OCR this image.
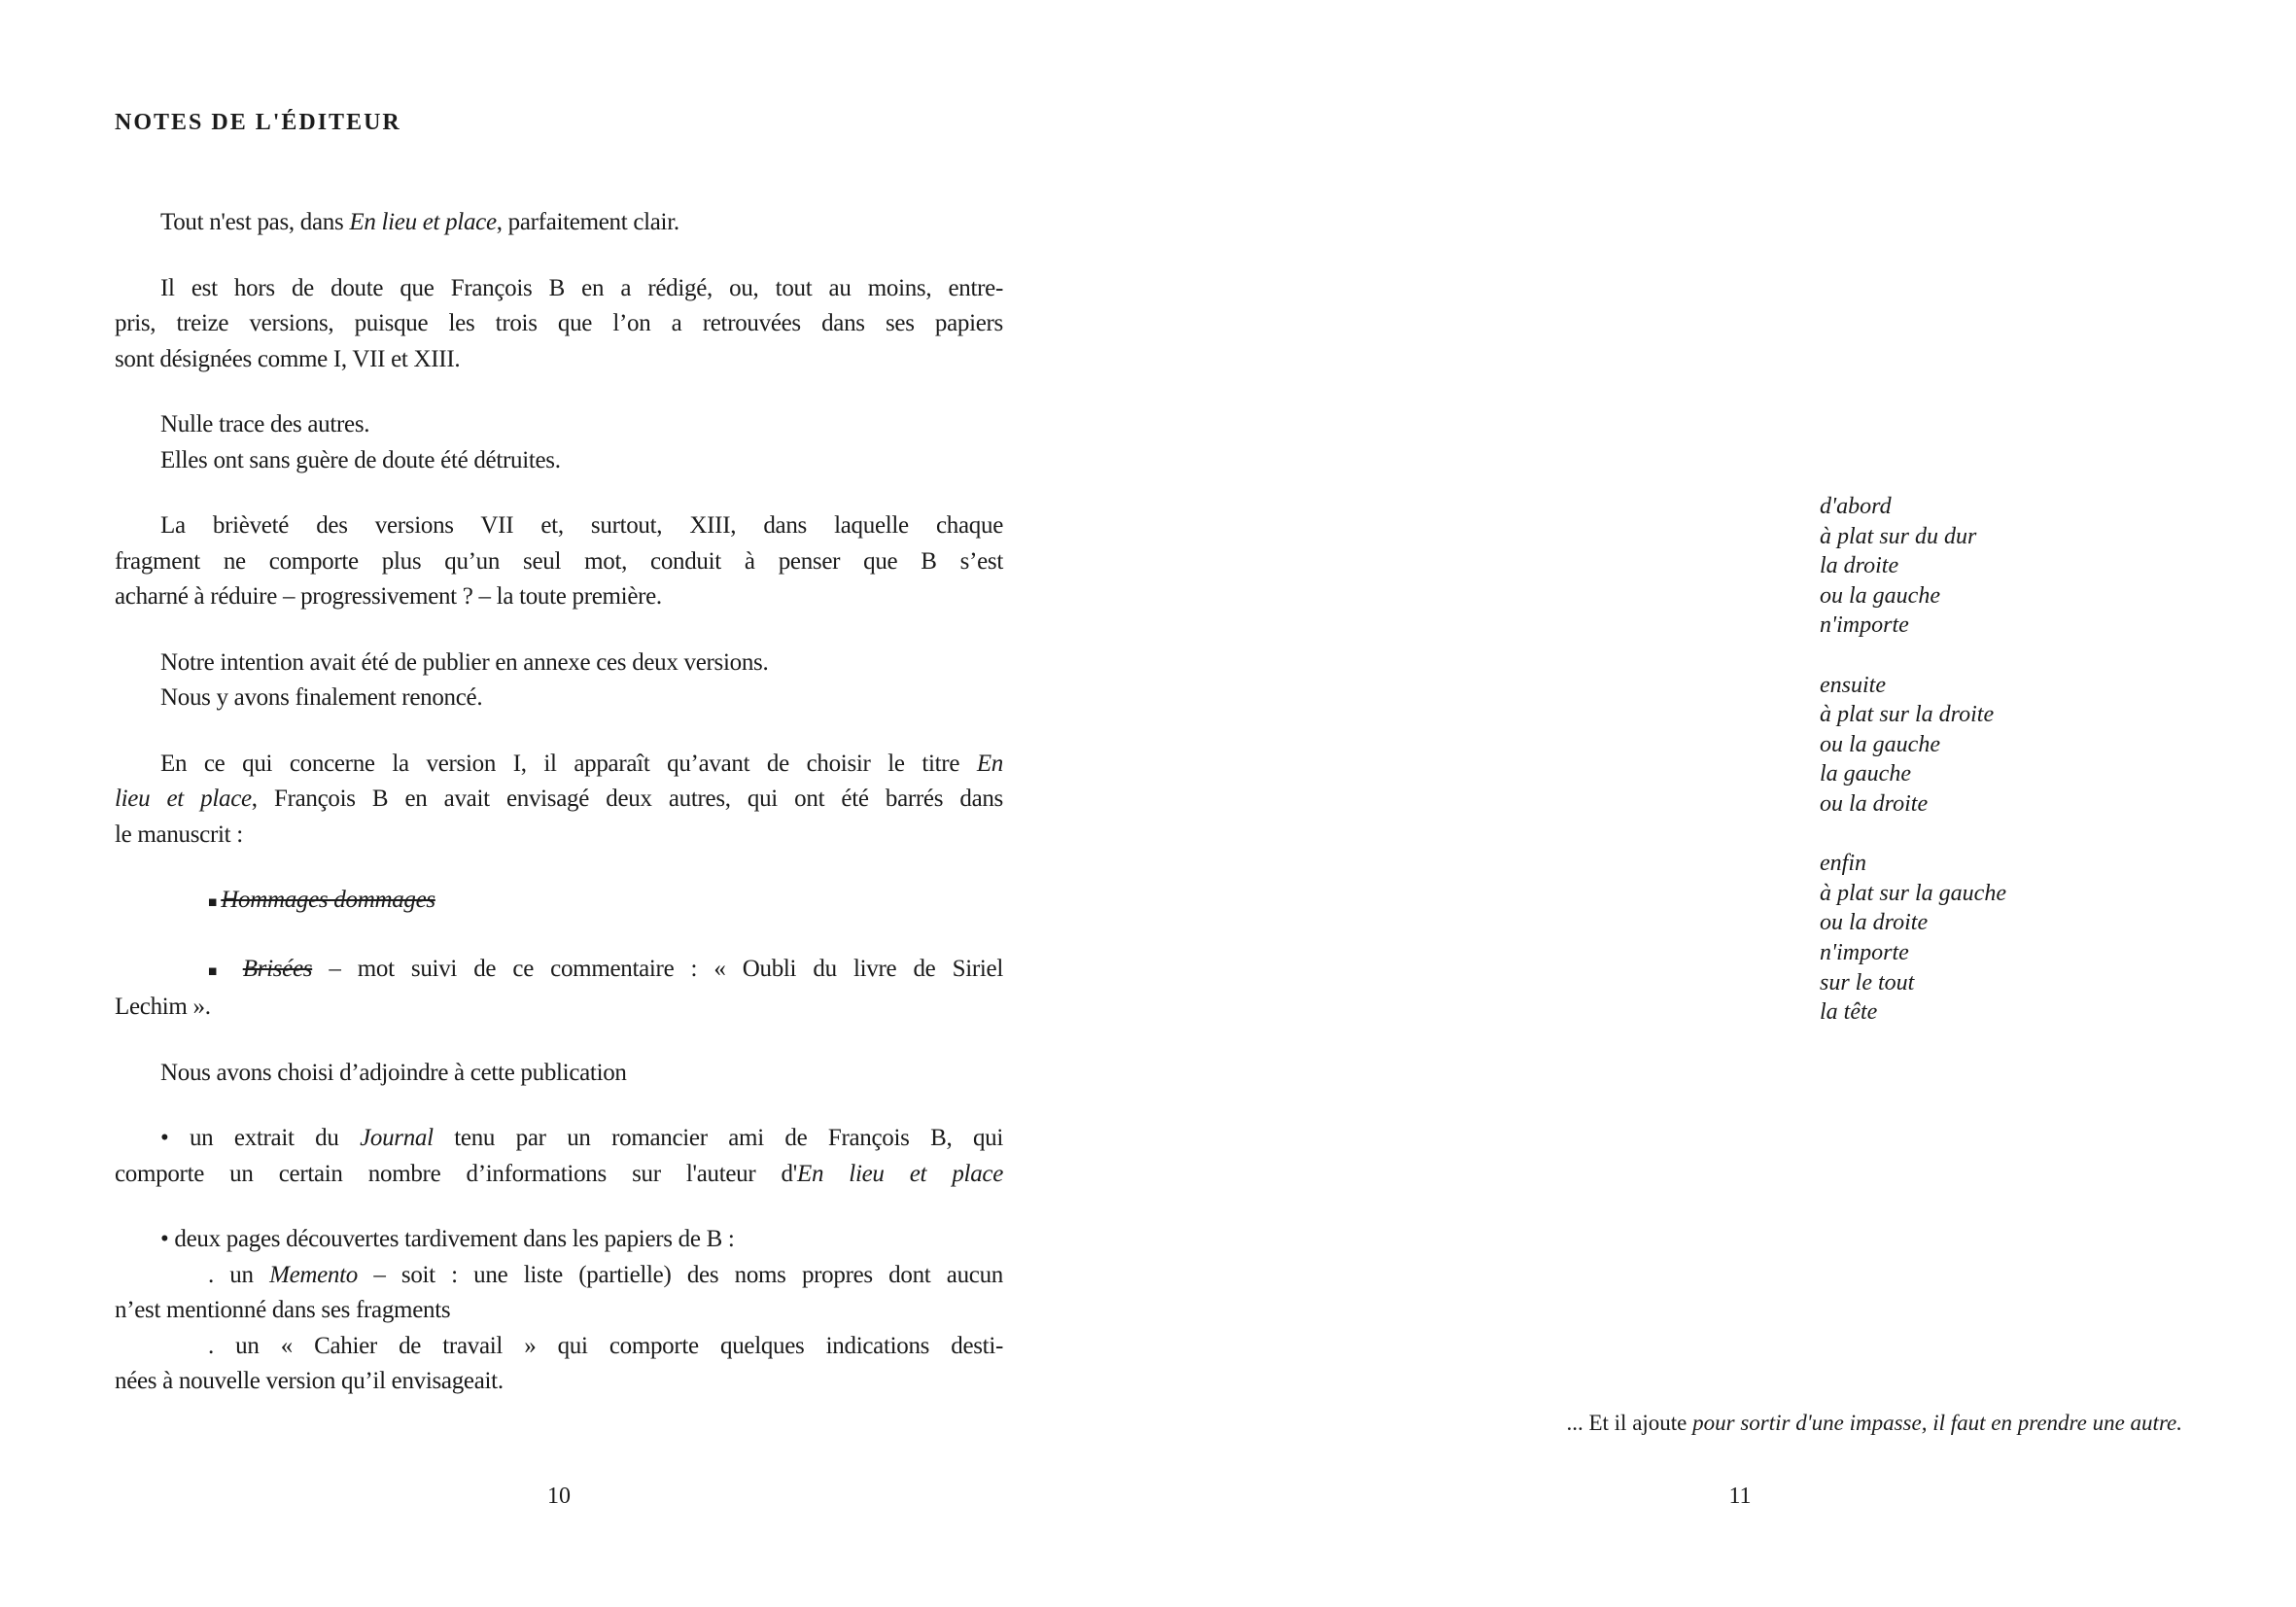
NOTES DE L'ÉDITEUR
Tout n'est pas, dans En lieu et place, parfaitement clair.
Il est hors de doute que François B en a rédigé, ou, tout au moins, entre-
pris, treize versions, puisque les trois que l’on a retrouvées dans ses papiers
sont désignées comme I, VII et XIII.
Nulle trace des autres.
Elles ont sans guère de doute été détruites.
La brièveté des versions VII et, surtout, XIII, dans laquelle chaque
fragment ne comporte plus qu’un seul mot, conduit à penser que B s’est
acharné à réduire – progressivement ? – la toute première.
Notre intention avait été de publier en annexe ces deux versions.
Nous y avons finalement renoncé.
En ce qui concerne la version I, il apparaît qu’avant de choisir le titre En
lieu et place, François B en avait envisagé deux autres, qui ont été barrés dans
le manuscrit :
■ Hommages dommages
■ Brisées – mot suivi de ce commentaire : « Oubli du livre de Siriel
Lechim ».
Nous avons choisi d’adjoindre à cette publication
• un extrait du Journal tenu par un romancier ami de François B, qui
comporte un certain nombre d’informations sur l'auteur d'En lieu et place
• deux pages découvertes tardivement dans les papiers de B :
. un Memento – soit : une liste (partielle) des noms propres dont aucun
n’est mentionné dans ses fragments
. un « Cahier de travail » qui comporte quelques indications desti-
nées à nouvelle version qu’il envisageait.
10
d'abord
à plat sur du dur
la droite
ou la gauche
n'importe
ensuite
à plat sur la droite
ou la gauche
la gauche
ou la droite
enfin
à plat sur la gauche
ou la droite
n'importe
sur le tout
la tête
... Et il ajoute pour sortir d'une impasse, il faut en prendre une autre.
11
